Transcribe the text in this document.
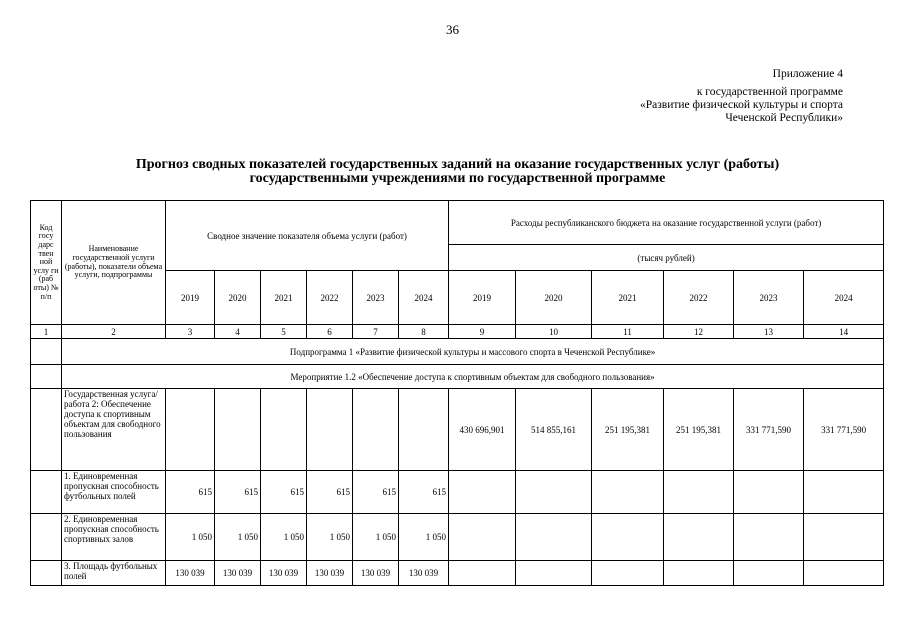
36
Приложение 4
к государственной программе
«Развитие физической культуры и спорта
Чеченской Республики»
Прогноз сводных показателей государственных заданий на оказание государственных услуг (работы)
государственными учреждениями по государственной программе
Код госу дарс твен ной услу ги (раб оты) № п/п	Наименование государственной услуги (работы), показатели объема услуги, подпрограммы	Сводное значение показателя объема услуги (работ)						Расходы республиканского бюджета на оказание государственной услуги (работ)					
								(тысяч рублей)					
		2019	2020	2021	2022	2023	2024	2019	2020	2021	2022	2023	2024
1	2	3	4	5	6	7	8	9	10	11	12	13	14
	Подпрограмма 1 «Развитие физической культуры и массового спорта в Чеченской Республике»												
	Мероприятие 1.2 «Обеспечение доступа к спортивным объектам для свободного пользования»												
	Государственная услуга/работа 2: Обеспечение доступа к спортивным объектам для свободного пользования							430 696,901	514 855,161	251 195,381	251 195,381	331 771,590	331 771,590
	1. Единовременная пропускная способность футбольных полей	615	615	615	615	615	615						
	2. Единовременная пропускная способность спортивных залов	1 050	1 050	1 050	1 050	1 050	1 050						
	3. Площадь футбольных полей	130 039	130 039	130 039	130 039	130 039	130 039						
